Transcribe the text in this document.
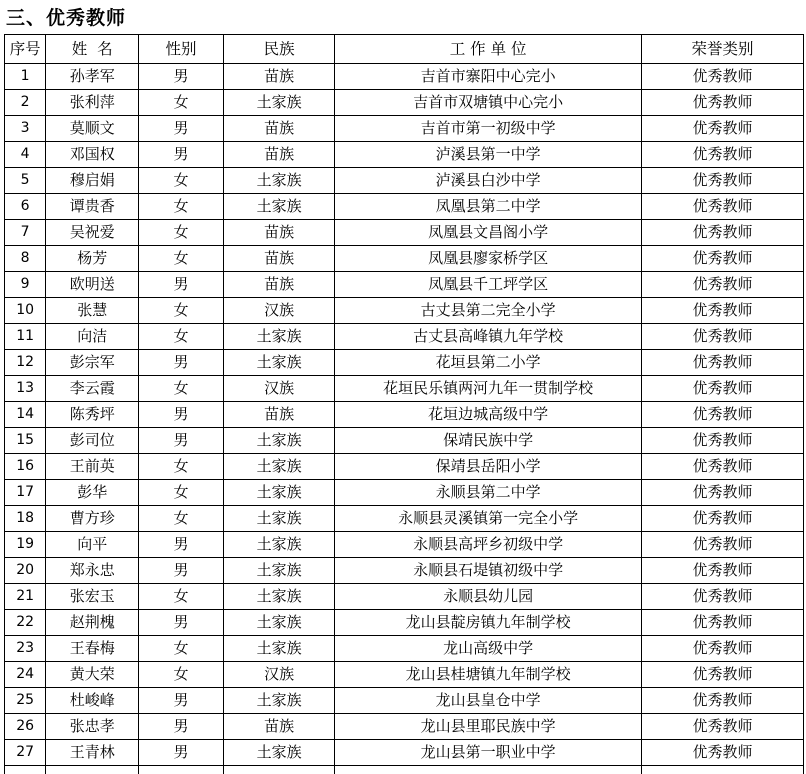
三、优秀教师
序号	姓  名	性别	民族	工 作 单 位	荣誉类别
1	孙孝军	男	苗族	吉首市寨阳中心完小	优秀教师
2	张利萍	女	土家族	吉首市双塘镇中心完小	优秀教师
3	莫顺文	男	苗族	吉首市第一初级中学	优秀教师
4	邓国权	男	苗族	泸溪县第一中学	优秀教师
5	穆启娟	女	土家族	泸溪县白沙中学	优秀教师
6	谭贵香	女	土家族	凤凰县第二中学	优秀教师
7	吴祝爱	女	苗族	凤凰县文昌阁小学	优秀教师
8	杨芳	女	苗族	凤凰县廖家桥学区	优秀教师
9	欧明送	男	苗族	凤凰县千工坪学区	优秀教师
10	张慧	女	汉族	古丈县第二完全小学	优秀教师
11	向洁	女	土家族	古丈县高峰镇九年学校	优秀教师
12	彭宗军	男	土家族	花垣县第二小学	优秀教师
13	李云霞	女	汉族	花垣民乐镇两河九年一贯制学校	优秀教师
14	陈秀坪	男	苗族	花垣边城高级中学	优秀教师
15	彭司位	男	土家族	保靖民族中学	优秀教师
16	王前英	女	土家族	保靖县岳阳小学	优秀教师
17	彭华	女	土家族	永顺县第二中学	优秀教师
18	曹方珍	女	土家族	永顺县灵溪镇第一完全小学	优秀教师
19	向平	男	土家族	永顺县高坪乡初级中学	优秀教师
20	郑永忠	男	土家族	永顺县石堤镇初级中学	优秀教师
21	张宏玉	女	土家族	永顺县幼儿园	优秀教师
22	赵荆槐	男	土家族	龙山县靛房镇九年制学校	优秀教师
23	王春梅	女	土家族	龙山高级中学	优秀教师
24	黄大荣	女	汉族	龙山县桂塘镇九年制学校	优秀教师
25	杜峻峰	男	土家族	龙山县皇仓中学	优秀教师
26	张忠孝	男	苗族	龙山县里耶民族中学	优秀教师
27	王青林	男	土家族	龙山县第一职业中学	优秀教师
